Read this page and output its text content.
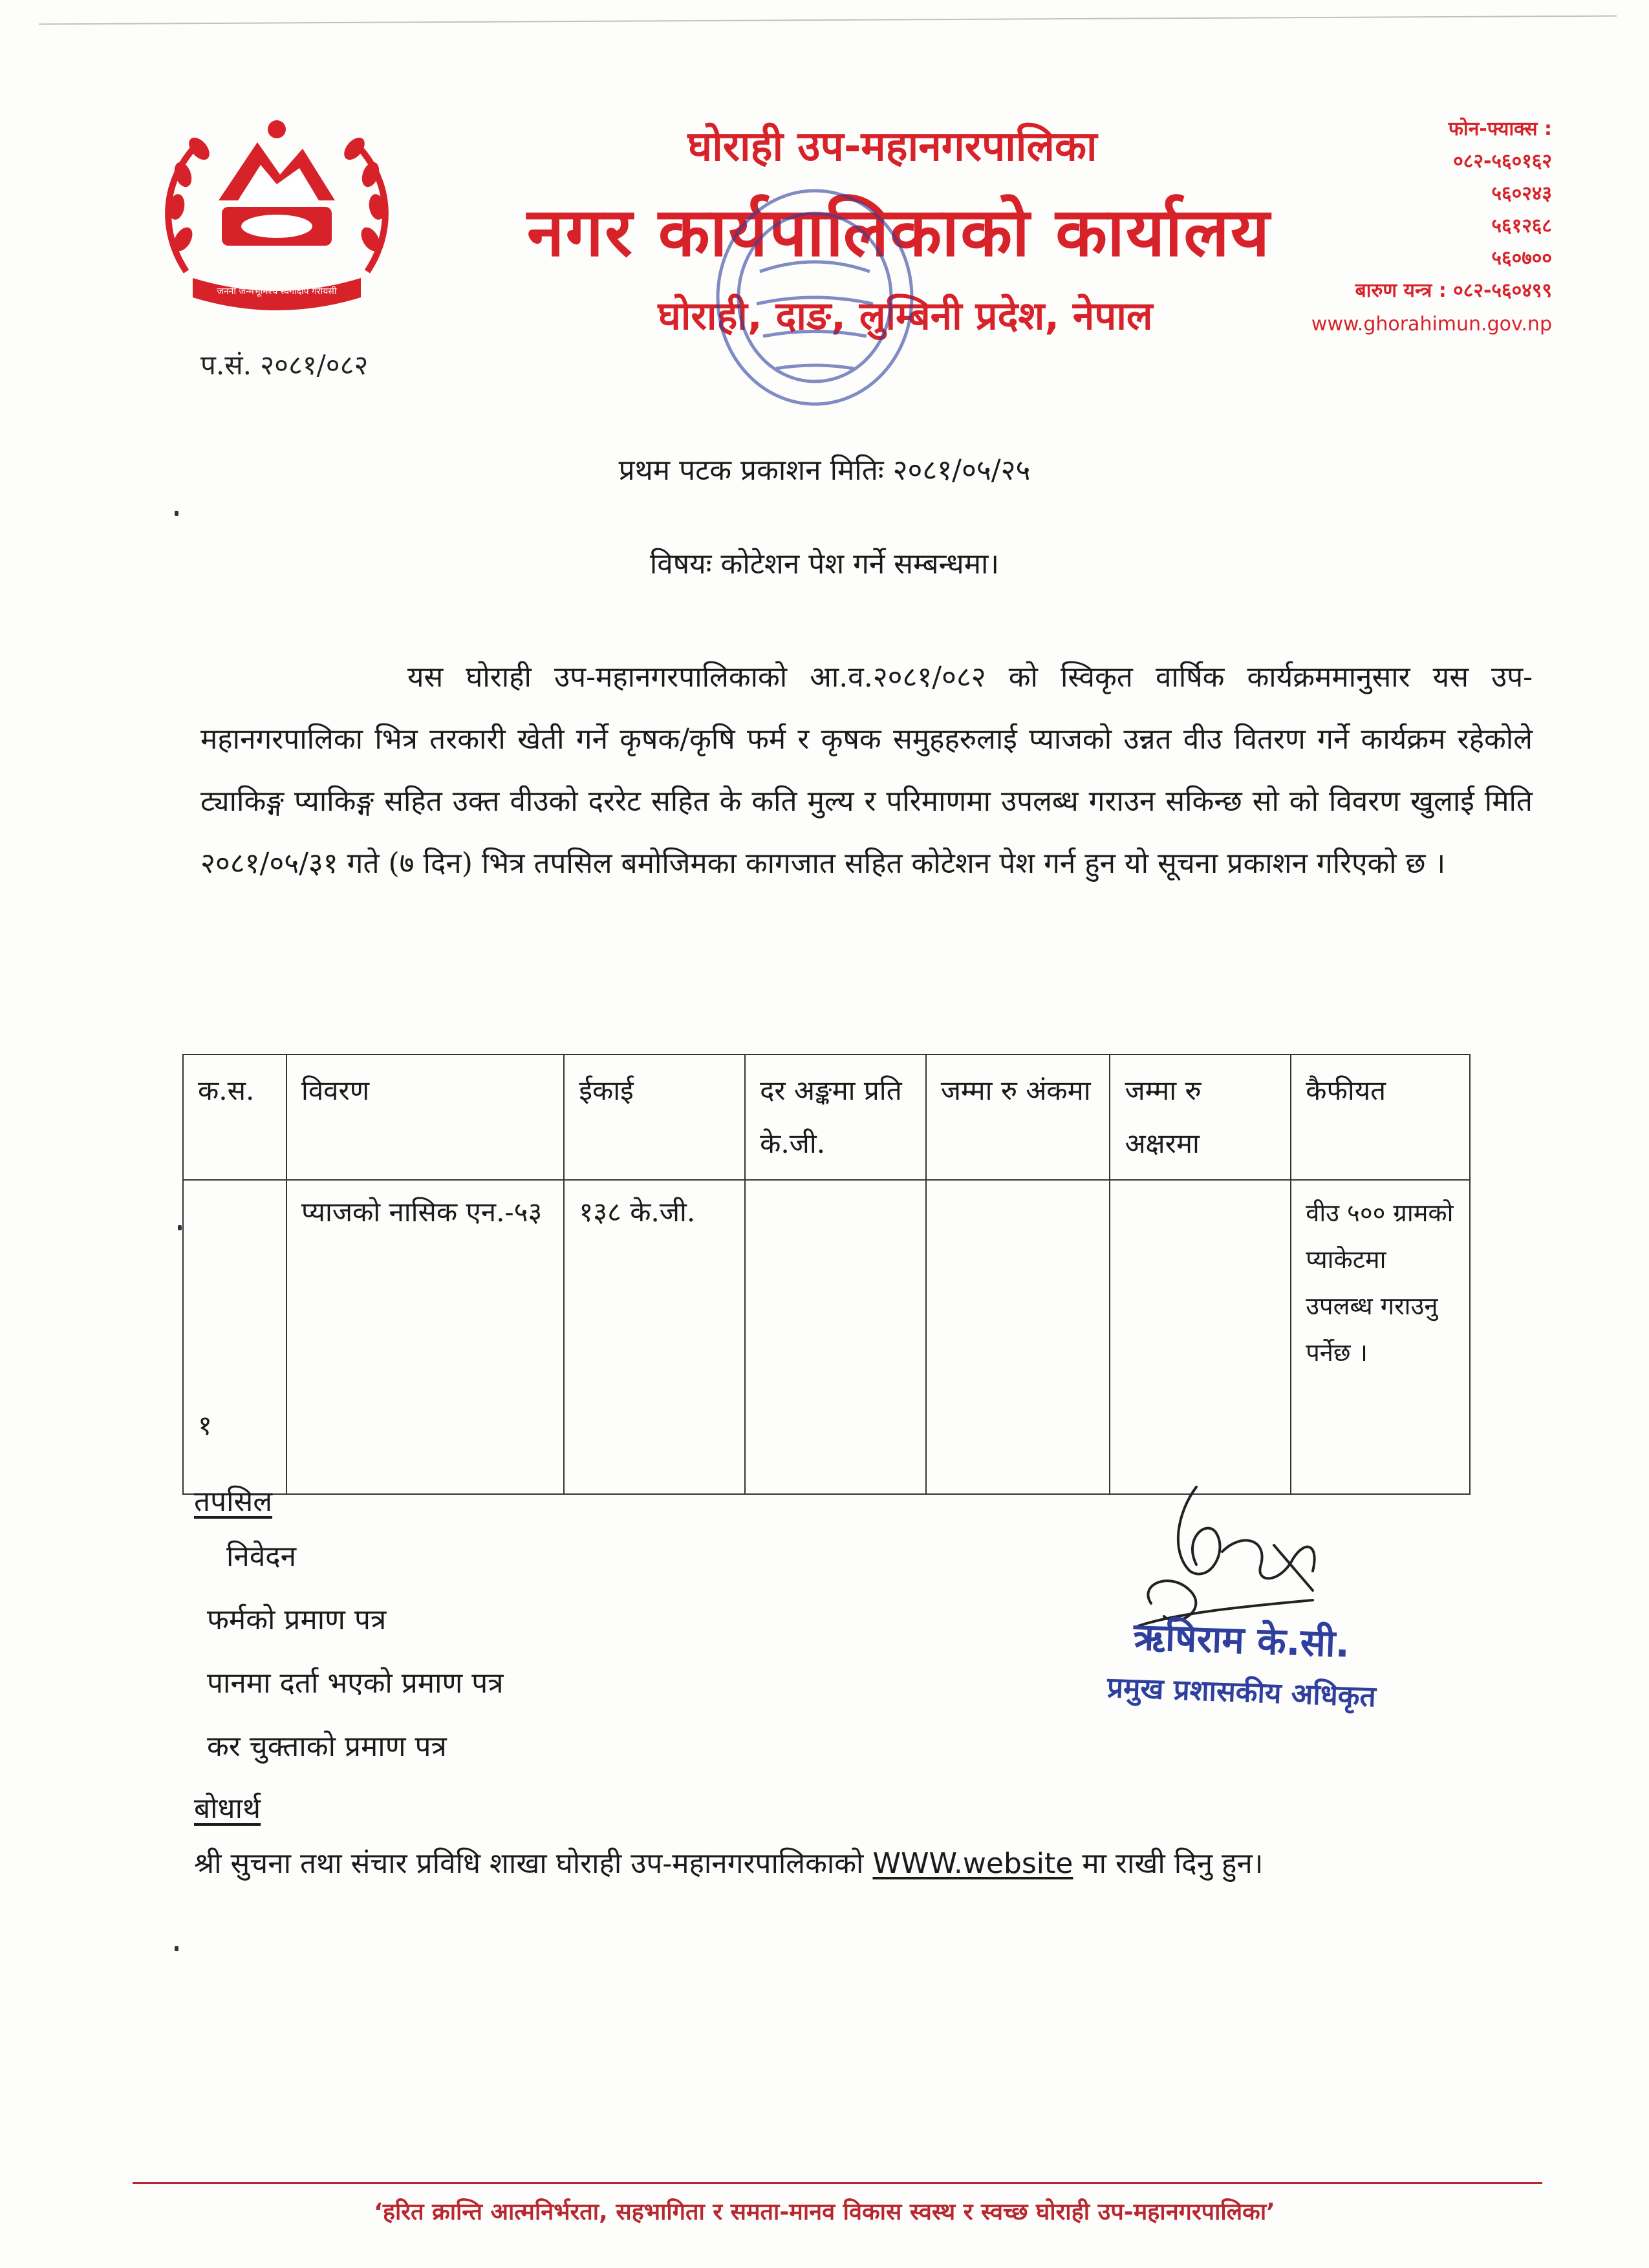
जननी जन्मभूमिश्च स्वर्गादपि गरीयसी
घोराही उप-महानगरपालिका
नगर कार्यपालिकाको कार्यालय
घोराही, दाङ, लुम्बिनी प्रदेश, नेपाल
फोन-फ्याक्स :
०८२-५६०१६२
५६०२४३
५६१२६८
५६०७००
बारुण यन्त्र : ०८२-५६०४९९
www.ghorahimun.gov.np
प.सं. २०८१/०८२
प्रथम पटक प्रकाशन मितिः २०८१/०५/२५
विषयः कोटेशन पेश गर्ने सम्बन्धमा।
यस घोराही उप-महानगरपालिकाको आ.व.२०८१/०८२ को स्विकृत वार्षिक कार्यक्रममानुसार यस उप-महानगरपालिका भित्र तरकारी खेती गर्ने कृषक/कृषि फर्म र कृषक समुहहरुलाई प्याजको उन्नत वीउ वितरण गर्ने कार्यक्रम रहेकोले ट्याकिङ्ग प्याकिङ्ग सहित उक्त वीउको दररेट सहित के कति मुल्य र परिमाणमा उपलब्ध गराउन सकिन्छ सो को विवरण खुलाई मिति २०८१/०५/३१ गते (७ दिन) भित्र तपसिल बमोजिमका कागजात सहित कोटेशन पेश गर्न हुन यो सूचना प्रकाशन गरिएको छ ।
क.स.	विवरण	ईकाई	दर अङ्कमा प्रति के.जी.	जम्मा रु अंकमा	जम्मा रु अक्षरमा	कैफीयत
१	प्याजको नासिक एन.-५३	१३८ के.जी.				वीउ ५०० ग्रामको प्याकेटमा उपलब्ध गराउनु पर्नेछ ।
तपसिल
निवेदन
फर्मको प्रमाण पत्र
पानमा दर्ता भएको प्रमाण पत्र
कर चुक्ताको प्रमाण पत्र
बोधार्थ
श्री सुचना तथा संचार प्रविधि शाखा घोराही उप-महानगरपालिकाको WWW.website मा राखी दिनु हुन।
ऋषिराम के.सी.
प्रमुख प्रशासकीय अधिकृत
‘हरित क्रान्ति आत्मनिर्भरता, सहभागिता र समता-मानव विकास स्वस्थ र स्वच्छ घोराही उप-महानगरपालिका’
